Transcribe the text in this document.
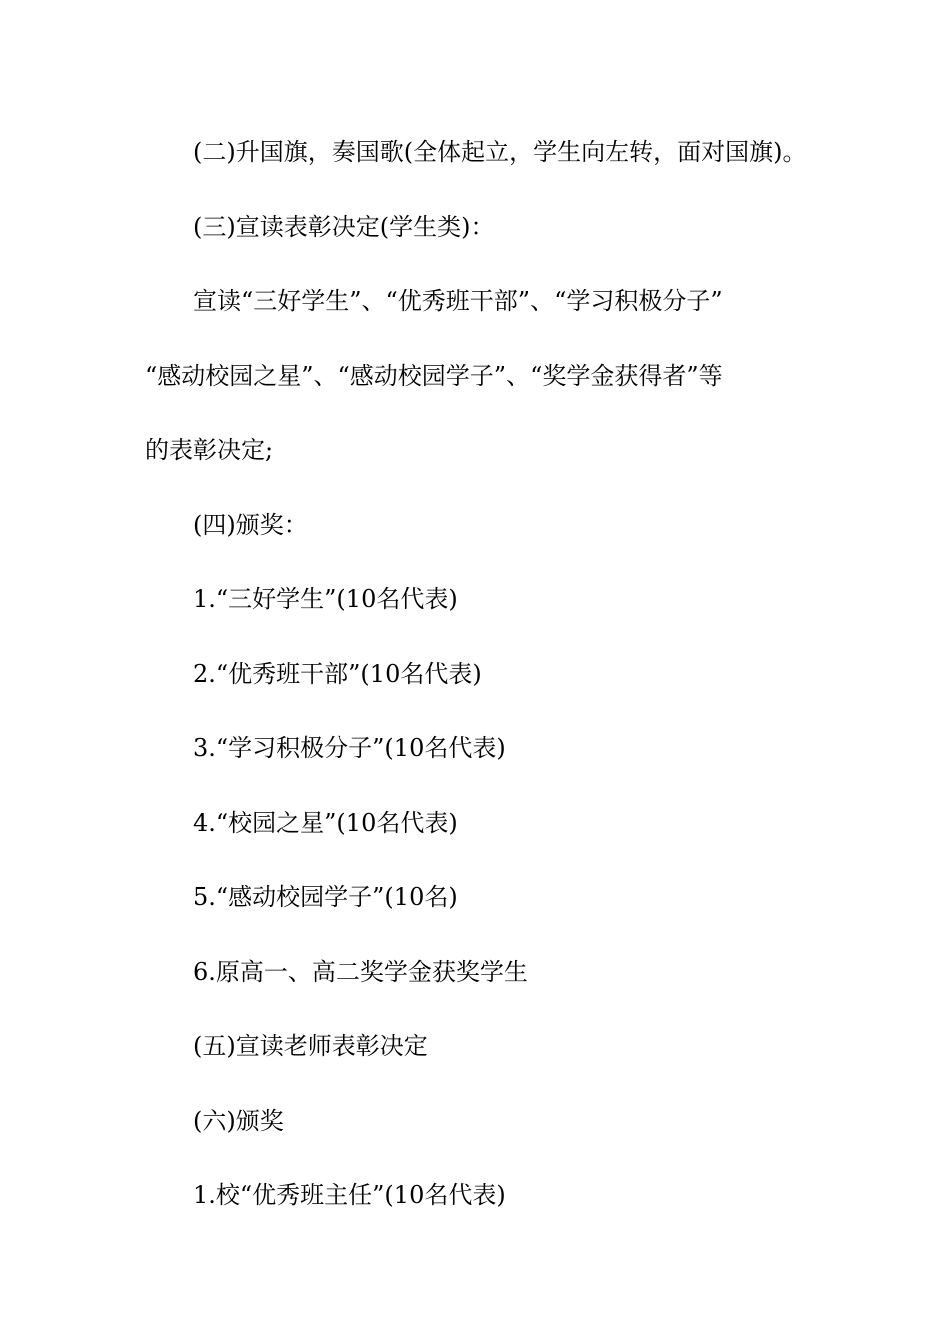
(二)升国旗，奏国歌(全体起立，学生向左转，面对国旗)。
(三)宣读表彰决定(学生类)：
宣读“三好学生”、“优秀班干部”、“学习积极分子”
“感动校园之星”、“感动校园学子”、“奖学金获得者”等
的表彰决定;
(四)颁奖：
1.“三好学生”(10名代表)
2.“优秀班干部”(10名代表)
3.“学习积极分子”(10名代表)
4.“校园之星”(10名代表)
5.“感动校园学子”(10名)
6.原高一、高二奖学金获奖学生
(五)宣读老师表彰决定
(六)颁奖
1.校“优秀班主任”(10名代表)
